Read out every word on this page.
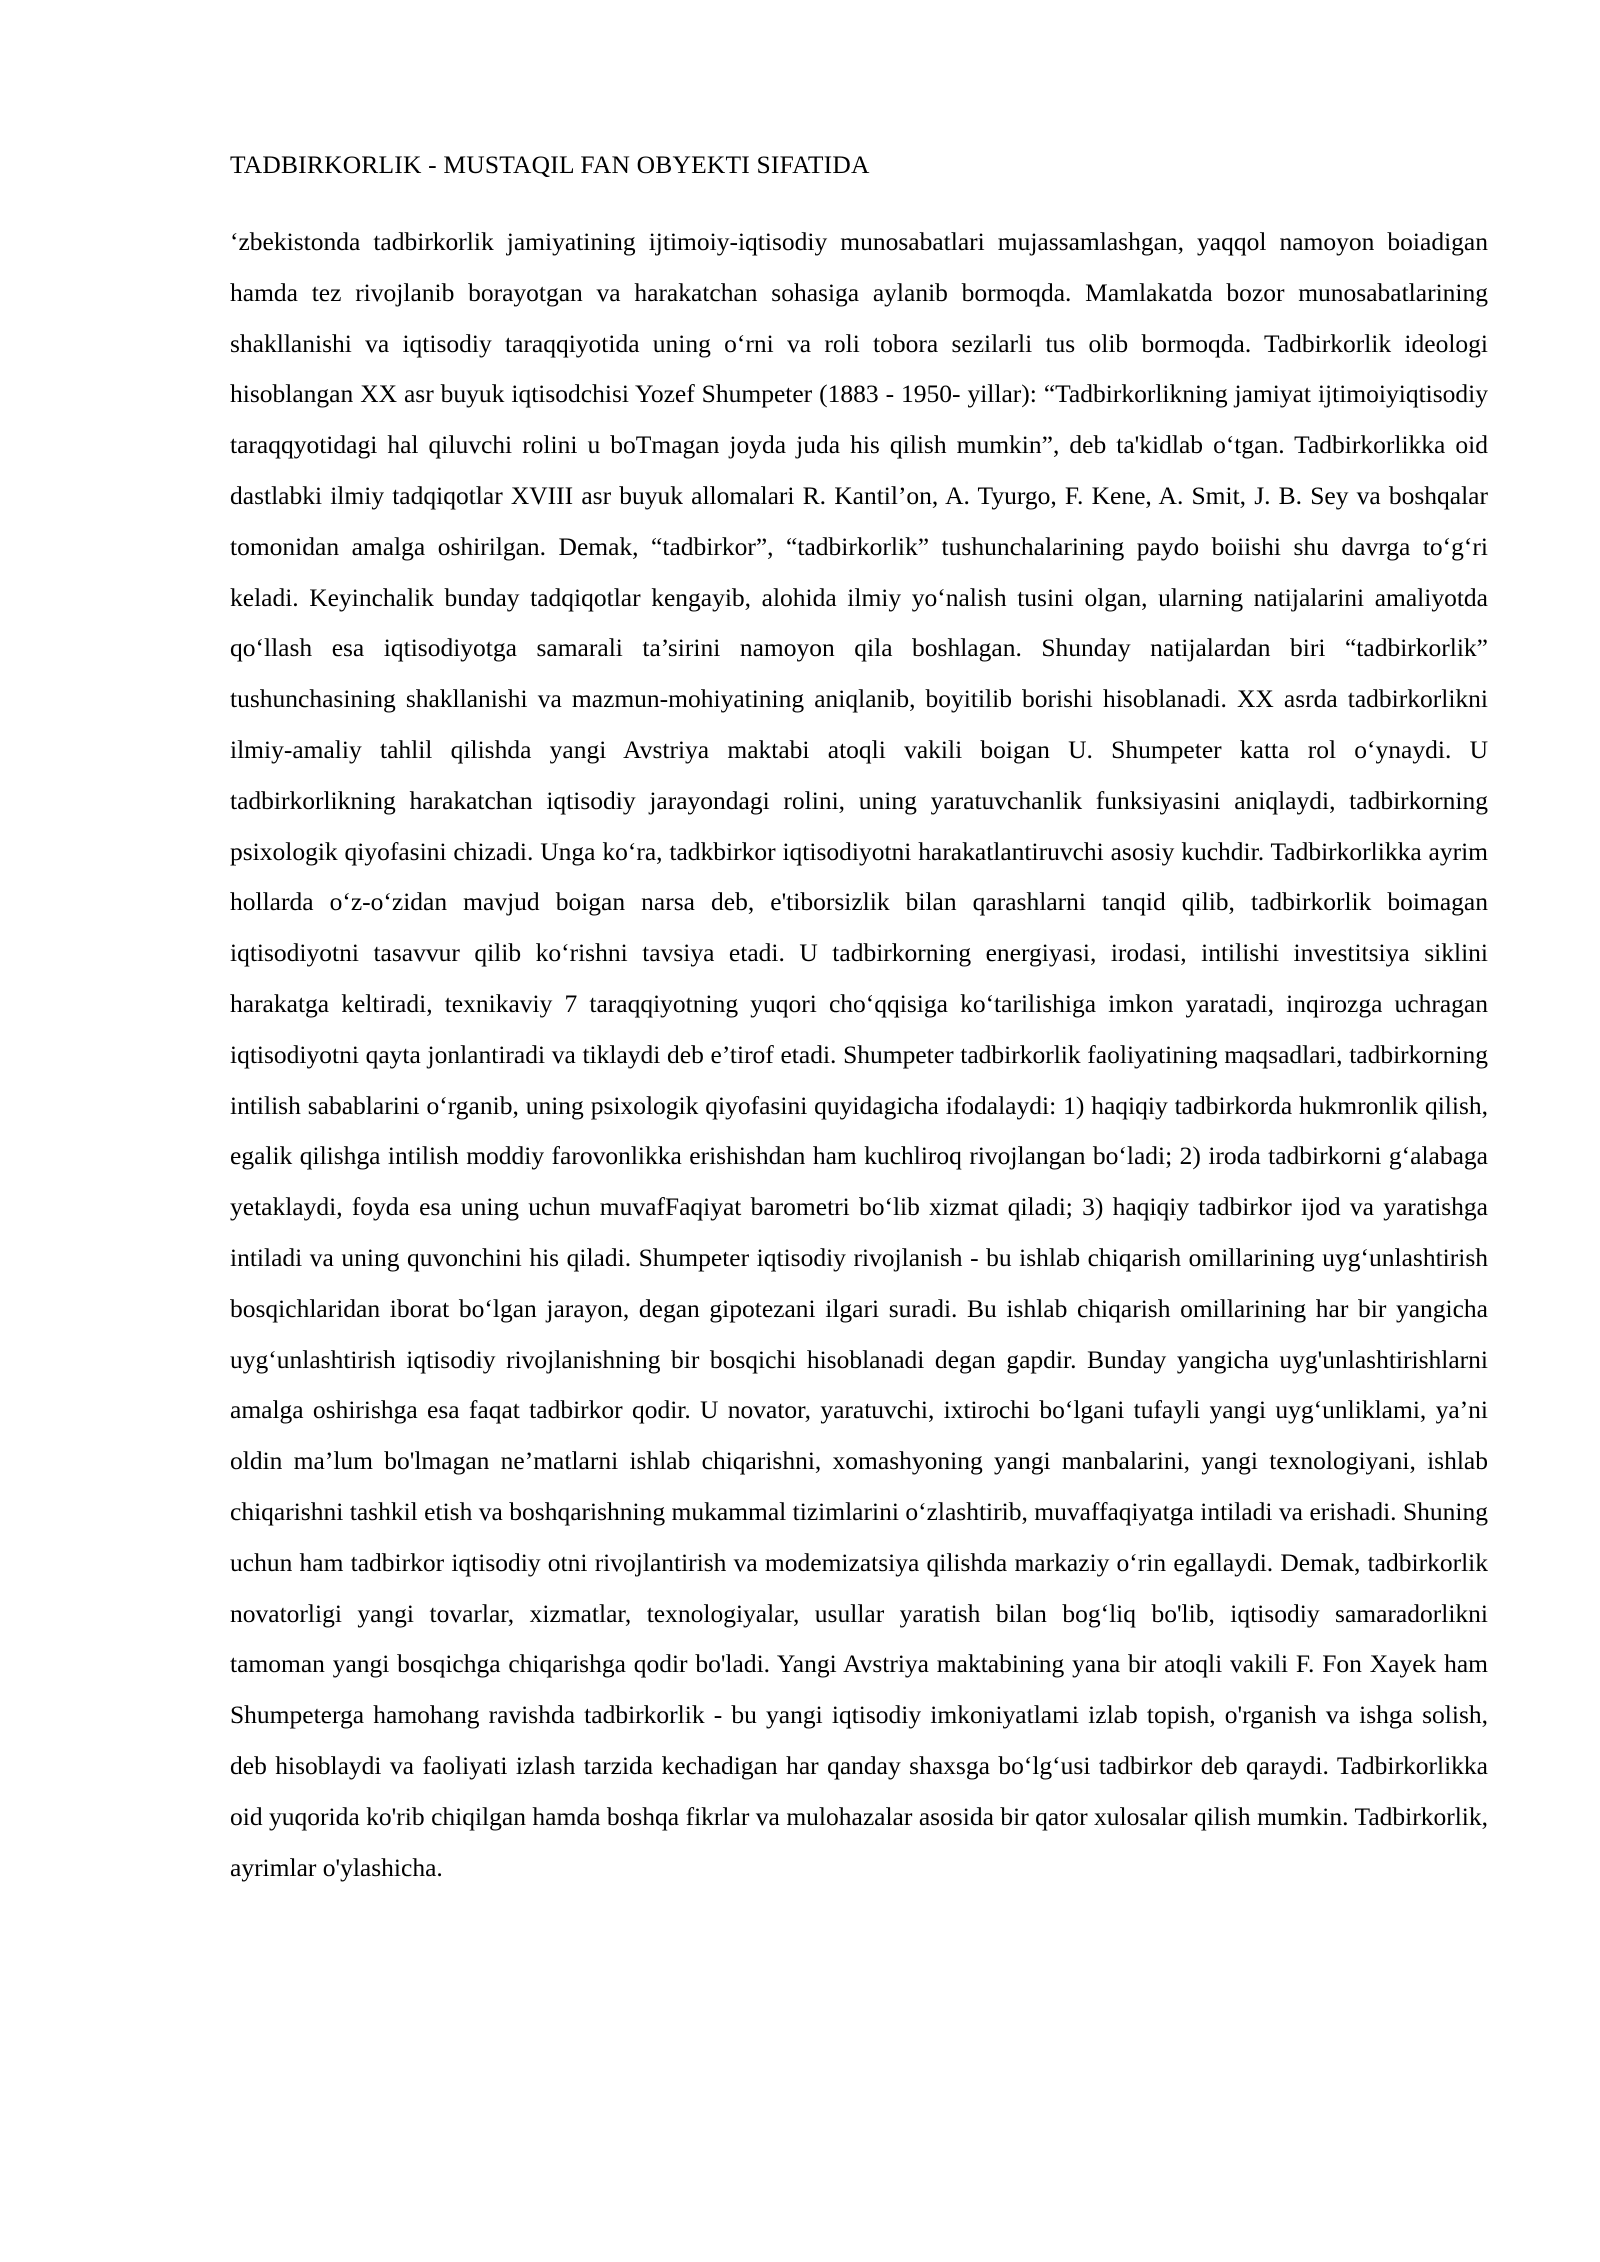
TADBIRKORLIK - MUSTAQIL FAN OBYEKTI SIFATIDA

‘zbekistonda tadbirkorlik jamiyatining ijtimoiy-iqtisodiy munosabatlari mujassamlashgan, yaqqol namoyon boiadigan hamda tez rivojlanib borayotgan va harakatchan sohasiga aylanib bormoqda. Mamlakatda bozor munosabatlarining shakllanishi va iqtisodiy taraqqiyotida uning o‘rni va roli tobora sezilarli tus olib bormoqda. Tadbirkorlik ideologi hisoblangan XX asr buyuk iqtisodchisi Yozef Shumpeter (1883 - 1950- yillar): “Tadbirkorlikning jamiyat ijtimoiyiqtisodiy taraqqyotidagi hal qiluvchi rolini u boTmagan joyda juda his qilish mumkin”, deb ta'kidlab o‘tgan. Tadbirkorlikka oid dastlabki ilmiy tadqiqotlar XVIII asr buyuk allomalari R. Kantil’on, A. Tyurgo, F. Kene, A. Smit, J. B. Sey va boshqalar tomonidan amalga oshirilgan. Demak, “tadbirkor”, “tadbirkorlik” tushunchalarining paydo boiishi shu davrga to‘g‘ri keladi. Keyinchalik bunday tadqiqotlar kengayib, alohida ilmiy yo‘nalish tusini olgan, ularning natijalarini amaliyotda qo‘llash esa iqtisodiyotga samarali ta’sirini namoyon qila boshlagan. Shunday natijalardan biri “tadbirkorlik” tushunchasining shakllanishi va mazmun-mohiyatining aniqlanib, boyitilib borishi hisoblanadi. XX asrda tadbirkorlikni ilmiy-amaliy tahlil qilishda yangi Avstriya maktabi atoqli vakili boigan U. Shumpeter katta rol o‘ynaydi. U tadbirkorlikning harakatchan iqtisodiy jarayondagi rolini, uning yaratuvchanlik funksiyasini aniqlaydi, tadbirkorning psixologik qiyofasini chizadi. Unga ko‘ra, tadkbirkor iqtisodiyotni harakatlantiruvchi asosiy kuchdir. Tadbirkorlikka ayrim hollarda o‘z-o‘zidan mavjud boigan narsa deb, e'tiborsizlik bilan qarashlarni tanqid qilib, tadbirkorlik boimagan iqtisodiyotni tasavvur qilib ko‘rishni tavsiya etadi. U tadbirkorning energiyasi, irodasi, intilishi investitsiya siklini harakatga keltiradi, texnikaviy 7 taraqqiyotning yuqori cho‘qqisiga ko‘tarilishiga imkon yaratadi, inqirozga uchragan iqtisodiyotni qayta jonlantiradi va tiklaydi deb e’tirof etadi. Shumpeter tadbirkorlik faoliyatining maqsadlari, tadbirkorning intilish sabablarini o‘rganib, uning psixologik qiyofasini quyidagicha ifodalaydi: 1) haqiqiy tadbirkorda hukmronlik qilish, egalik qilishga intilish moddiy farovonlikka erishishdan ham kuchliroq rivojlangan bo‘ladi; 2) iroda tadbirkorni g‘alabaga yetaklaydi, foyda esa uning uchun muvafFaqiyat barometri bo‘lib xizmat qiladi; 3) haqiqiy tadbirkor ijod va yaratishga intiladi va uning quvonchini his qiladi. Shumpeter iqtisodiy rivojlanish - bu ishlab chiqarish omillarining uyg‘unlashtirish bosqichlaridan iborat bo‘lgan jarayon, degan gipotezani ilgari suradi. Bu ishlab chiqarish omillarining har bir yangicha uyg‘unlashtirish iqtisodiy rivojlanishning bir bosqichi hisoblanadi degan gapdir. Bunday yangicha uyg'unlashtirishlarni amalga oshirishga esa faqat tadbirkor qodir. U novator, yaratuvchi, ixtirochi bo‘lgani tufayli yangi uyg‘unliklami, ya’ni oldin ma’lum bo'lmagan ne’matlarni ishlab chiqarishni, xomashyoning yangi manbalarini, yangi texnologiyani, ishlab chiqarishni tashkil etish va boshqarishning mukammal tizimlarini o‘zlashtirib, muvaffaqiyatga intiladi va erishadi. Shuning uchun ham tadbirkor iqtisodiy otni rivojlantirish va modemizatsiya qilishda markaziy o‘rin egallaydi. Demak, tadbirkorlik novatorligi yangi tovarlar, xizmatlar, texnologiyalar, usullar yaratish bilan bog‘liq bo'lib, iqtisodiy samaradorlikni tamoman yangi bosqichga chiqarishga qodir bo'ladi. Yangi Avstriya maktabining yana bir atoqli vakili F. Fon Xayek ham Shumpeterga hamohang ravishda tadbirkorlik - bu yangi iqtisodiy imkoniyatlami izlab topish, o'rganish va ishga solish, deb hisoblaydi va faoliyati izlash tarzida kechadigan har qanday shaxsga bo‘lg‘usi tadbirkor deb qaraydi. Tadbirkorlikka oid yuqorida ko'rib chiqilgan hamda boshqa fikrlar va mulohazalar asosida bir qator xulosalar qilish mumkin. Tadbirkorlik, ayrimlar o'ylashicha.
